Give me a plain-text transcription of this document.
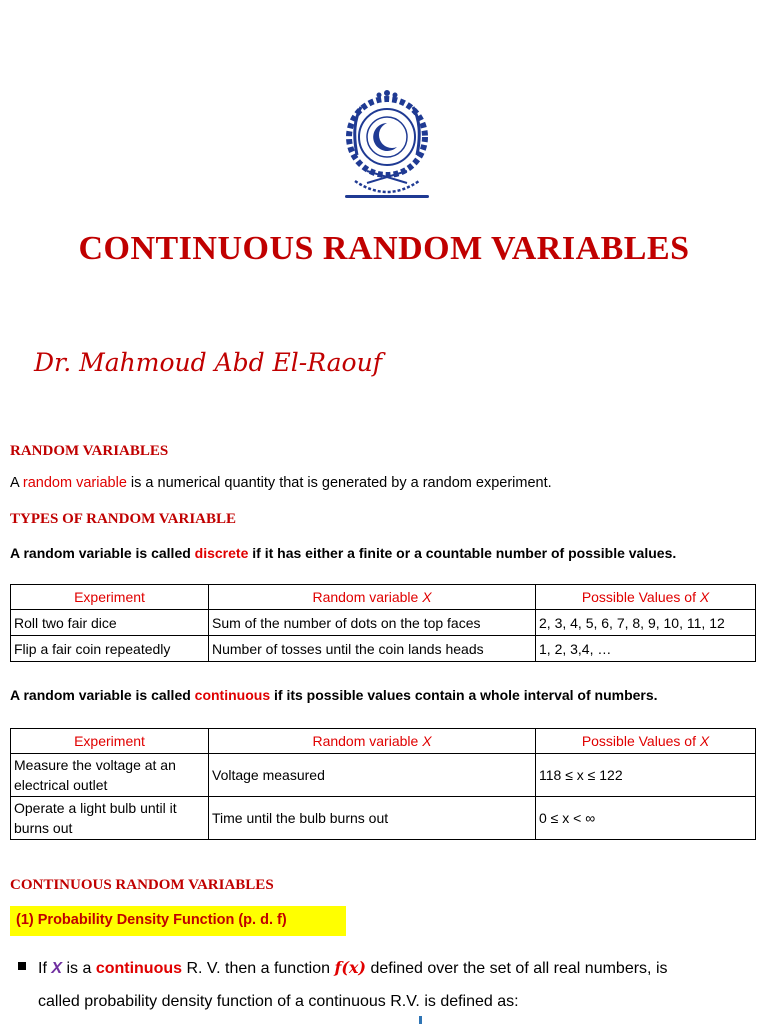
CONTINUOUS RANDOM VARIABLES

Dr. Mahmoud Abd El-Raouf

RANDOM VARIABLES

A random variable is a numerical quantity that is generated by a random experiment.

TYPES OF RANDOM VARIABLE

A random variable is called discrete if it has either a finite or a countable number of possible values.

Experiment	Random variable X	Possible Values of X
Roll two fair dice	Sum of the number of dots on the top faces	2, 3, 4, 5, 6, 7, 8, 9, 10, 11, 12
Flip a fair coin repeatedly	Number of tosses until the coin lands heads	1, 2, 3,4, …

A random variable is called continuous if its possible values contain a whole interval of numbers.

Experiment	Random variable X	Possible Values of X
Measure the voltage at an electrical outlet	Voltage measured	118 ≤ x ≤ 122
Operate a light bulb until it burns out	Time until the bulb burns out	0 ≤ x < ∞
CONTINUOUS RANDOM VARIABLES
(1) Probability Density Function (p. d. f)

If X is a continuous R. V. then a function f(x) defined over the set of all real numbers, is

called probability density function of a continuous R.V. is defined as:
